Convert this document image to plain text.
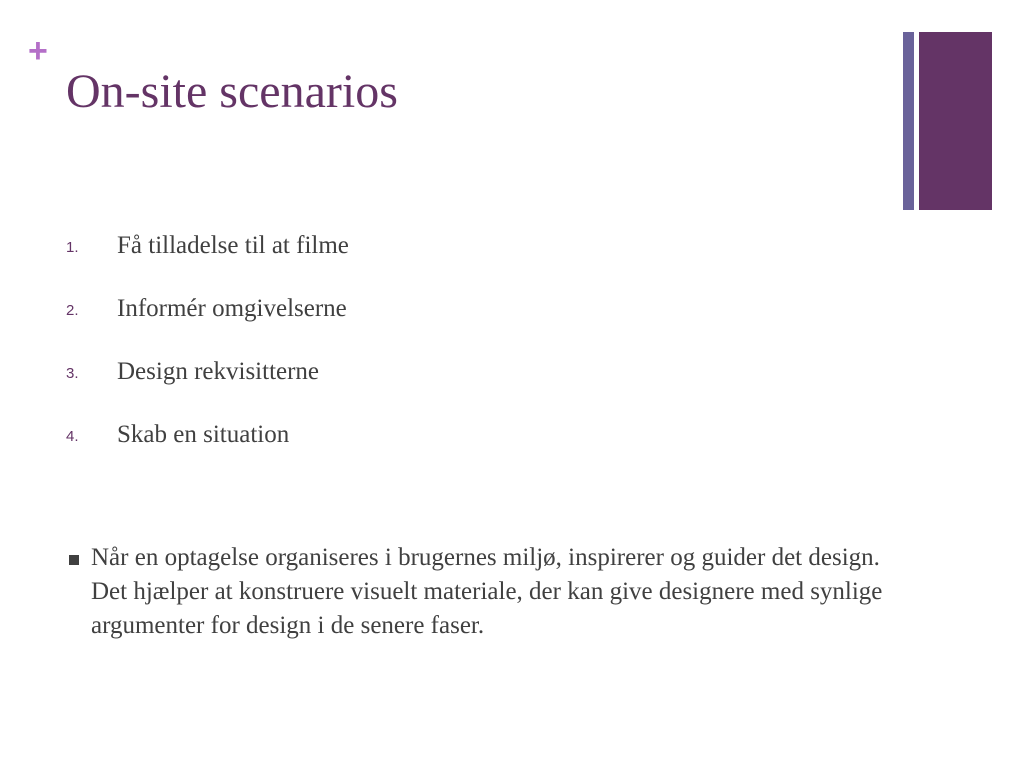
+
On-site scenarios
1. Få tilladelse til at filme
2. Informér omgivelserne
3. Design rekvisitterne
4. Skab en situation

Når en optagelse organiseres i brugernes miljø, inspirerer og guider det design. Det hjælper at konstruere visuelt materiale, der kan give designere med synlige argumenter for design i de senere faser.
